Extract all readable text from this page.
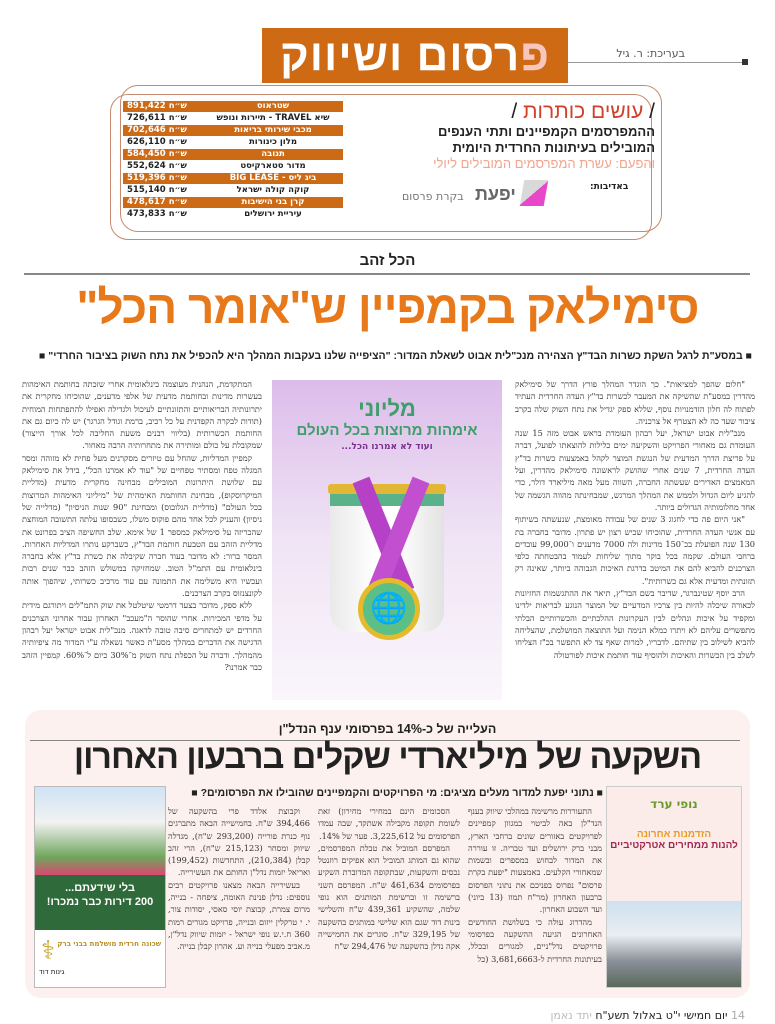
בעריכת: ר. גיל
פרסום ושיווק
891,422 ש״ח	שטראוס
726,611 ש״ח	שיא TRAVEL - תיירות ונופש
702,646 ש״ח	מכבי שירותי בריאות
626,110 ש״ח	מלון כינורות
584,450 ש״ח	תנובה
552,624 ש״ח	מדור סטארקיסט
519,396 ש״ח	ביג ליס - BIG LEASE
515,140 ש״ח	קוקה קולה ישראל
478,617 ש״ח	קרן בני הישיבות
473,833 ש״ח	עיריית ירושלים
/ עושים כותרות /
ההמפרסמים הקמפיינים ותתי הענפים
המובילים בעיתונות החרדית היומית
והפעם: עשרת המפרסמים המובילים ליולי
באדיבות:
יפעת
בקרת פרסום
הכל זהב
סימילאק בקמפיין ש"אומר הכל"
■ במסע"ת לרגל השקת כשרות הבד"ץ הצהירה מנכ"לית אבוט לשאלת המדור: "הציפייה שלנו בעקבות המהלך היא להכפיל את נתח השוק בציבור החרדי" ■

"חלום שהפך למציאות". כך הוגדר המהלך פורץ הדרך של סימילאק מהדרין במסע"ת שהשיקה את המעבר לכשרות בד"ץ העדה החרדית העתיד לפתוח לה חלון הזדמנויות נוסף, שללא ספק יגדיל את נתח השוק שלה בקרב ציבור שעד כה לא הצטרף אל צרכניה.

מנכ"לית אבוט ישראל, יעל רבהון העומדת בראש אבוט מזה 15 שנה העומדת גם מאחורי הפרויקט והשקיעה ימים כלילות להוצאתו לפועל, דברה על פריצת הדרך המדעית של הנגשת המוצר לקהל באמצעות כשרות בד"ץ העדה החרדית, 7 שנים אחרי שהושק לראשונה סימילאק מהדרין, ועל המאמצים האדירים שעשתה החברה, השווה מעל מאה מיליארד דולר, כדי להגיע ליום הגדול ולממש את המהלך המרגש, שמבחינתה מהווה הגשמה של אחד מחלומותיה הגדולים ביותר.

"אני היום פה כדי לחגוג 3 שנים של עבודה מאומצת, שנעשתה בשיתוף עם אנשי העדה החרדית, שהוכיחו שכיש רצון יש פתרון. מדובר בחברה בת 130 שנה הפועלת בכ־150 מדינות ולה 7000 מדענים ו־99,000 עובדים ברחבי העולם. שקמה בכל בוקר מתוך שליחות לעמוד בהבטחתה כלפי הצרכנים להביא להם את המיטב בדרגת האיכות הגבוהה ביותר, שאינה רק תזונתית ומדעית אלא גם כשרותית".

הרב יוסף שטינברגר, שדיבר בשם הבד"ץ, תיאר את ההתגשמות החזיונות לכאורה שיכלה להיות בין צרכיו המדעיים של המוצר הנוגע לבריאות ילדינו ומקפיד על איכות ונהלים לבין העקרונות ההלכתיים והכשרותיים הבלתי מתפשרים עליהם לא ויתרו כמלא הנימה ועל התוצאה המושלמת, שהצליחה להביא לשילוב בין שתיהם. לדבריו, למרות שאף צד לא התפשר בכ"ז הצליחו לשלב בין הכשרות והאיכות ולהוסיף עוד חותמת איכות לפורטולה

המתקדמת, הנהנית מעוצמה בינלאומית אחרי שזכתה בחותמת האימהות בעשרות מדינות ובחותמת מדעית של אלפי מדענים, שהוכיחו מחקרית את יתרונותיה הבריאותיים והתזונתיים לעיכול ולגדילה ואפילו להתפתחות המוחית (תודות לבקרה הקפדנית על כל רכיב, ברמת וגודל הגרגר) יש לה כיום גם את החותמת הכשרותית (בליווי רבנים משעת החליבה לכל אורך הייצור) שמקובלת על כולם ומותירה את מתחרותיה הרבה מאחור.

קמפיין המדליות, שהחל עם טיזרים מסקרנים מעל פחית לא מזוהה ומסר המגלה טפח ומסתיר טפחיים של "עוד לא אמרנו הכל", בידל את סימילאק עם שלושת היתרונות המובילים מבחינה מחקרית מדעית (מדליית המיקרוסקופ), מבחינת החותמת האימהית של "מיליוני האימהות המרוצות בכל העולם" (מדליית הגלובוס) ומבחינת "90 שנות הניסיון" (מדלייה של ניסיון) והעניק לכל אחד מהם פוקוס משלו, כשבסופו עלתה התשובה המוחצת שהכריזה על סימילאק כמספר 1 של אימא. שלב החשיפה הציב בפרונט את מדליית הזהב עם הטבעת חותמת הבד"ץ, כשברקע נותרו המדליות האחרות. המסר ברור: לא מדובר בעוד חברה שקיבלה את כשרת בד"ץ אלא בחברה בינלאומית עם התמ"ל הטוב. שמחזיקה במשולש הזהב כבר שנים רבות ועכשיו היא משלימה את התמונה עם עוד מרכיב כשרותי, שיהפוך אותה לקונצנזוס בקרב הצרכנים.

ללא ספק, מדובר בצעד דרמטי שיטלטל את שוק התמ"לים ויתורגם מידית על מדפי המכירות. אחרי שהוסר ה"מעכב" האחרון עבור אחרוני הצרכנים החרדים יש למתחרים סיבה טובה לדאגה. מנכ"לית אבוט ישראל יעל רבהון הדגישה את הדברים במהלך מסע"ת כאשר נשאלה ע"י המדור מה ציפיותיה מהמהלך. ודברה על הכפלת נתח השוק מ־30% כיום ל־60%. קמפיין הזהב כבר אמרנו?

מליוני
אימהות מרוצות בכל העולם
ועוד לא אמרנו הכל...
🌐
העלייה של כ-14% בפרסומי ענף הנדל"ן
השקעה של מיליארדי שקלים ברבעון האחרון
■ נתוני יפעת למדור מעלים מציגים: מי הפרויקטים והקמפיינים שהובילו את הפרסומים? ■

התעוררות מרשימה במהלכי שיווק בענף הנד"לן באה לביטוי במגוון קמפיינים לפרויקטים באזורים שונים ברחבי הארץ, מבני ברק ירושלים ועד טבריה. זו עוררה את המדור לבחוש במספרים ובשמות שמאחורי הקלעים. באמצעות "יפעת בקרת פרסום" נפרוס בפניכם את נתוני הפרסום ברבעון האחרון (מר"ח תמוז (13 ביוני) ועד השבוע האחרון.

מהדרוג עולה כי בשלושת החודשים האחרונים הגיעה ההשקעה בפרסומי פרויקטים נדל"ניים, למגורים ובכלל, בעיתונות החרדית ל-3,681,6663 (כל

הסכומים הינם במחירי מחירון) זאת לשומת תקופה מקבילה אשתקד, שבה עמדו הפרסומים על 3,225,612. פער של 14%.

המפרסם המוביל את טבלת המפרסמים, שהוא גם המותג המוביל הוא אפיקים רוזנטל נכסים והשקעות, שבתקופה המדוברת השקיע בפרסומים 461,634 ש"ח. המפרסם השני ברשימה זו וברשימת המותגים הוא נופי שלמה, שהשקיע 439,361 ש"ח והשלישי בינות דוד שגם הוא שלישי במותגים בהשקעה של 329,195 ש"ח. סוגרים את החמישייה אקה נדלן בהשקעה של 294,476 ש"ח

וקבוצת אלדד פרי בהשקעה של 394,466 ש"ח. בחמישייה הבאה מתברגים נוף כנרת פורייה (293,200 ש"ח), מגדלה שיווק ומסחר (215,123 ש"ח), הרי זהב קבלן (210,384), התחדשות (199,452) ואריאל יזמות נדל"ן החותם את העשירייה.

בעשירייה הבאה מצאנו פרויקטים רבים נוספים: נדלן פנינת האומה, ציפחה - בנייה, מרום צמרת, קבוצת יוסי סאסי, יסודות צור, י. י טרקלין ייזום ובנייה, פרויקט מגורים רמות 360 ח.י.ש נופי ישראל - יזמות שיווק נדל"ן, מ.אביב מפעלי בנייה וע. אהרון קבלן בנייה.

בלי שידעתם...
200 דירות כבר נמכרו!
⚕
גינות דוד
שכונה חרדית מושלמת בבני ברק
נופי ערד
הזדמנות אחרונה
להנות ממחירים אטרקטיביים
14 יום חמישי י"ט באלול תשע"ח יתד נאמן
